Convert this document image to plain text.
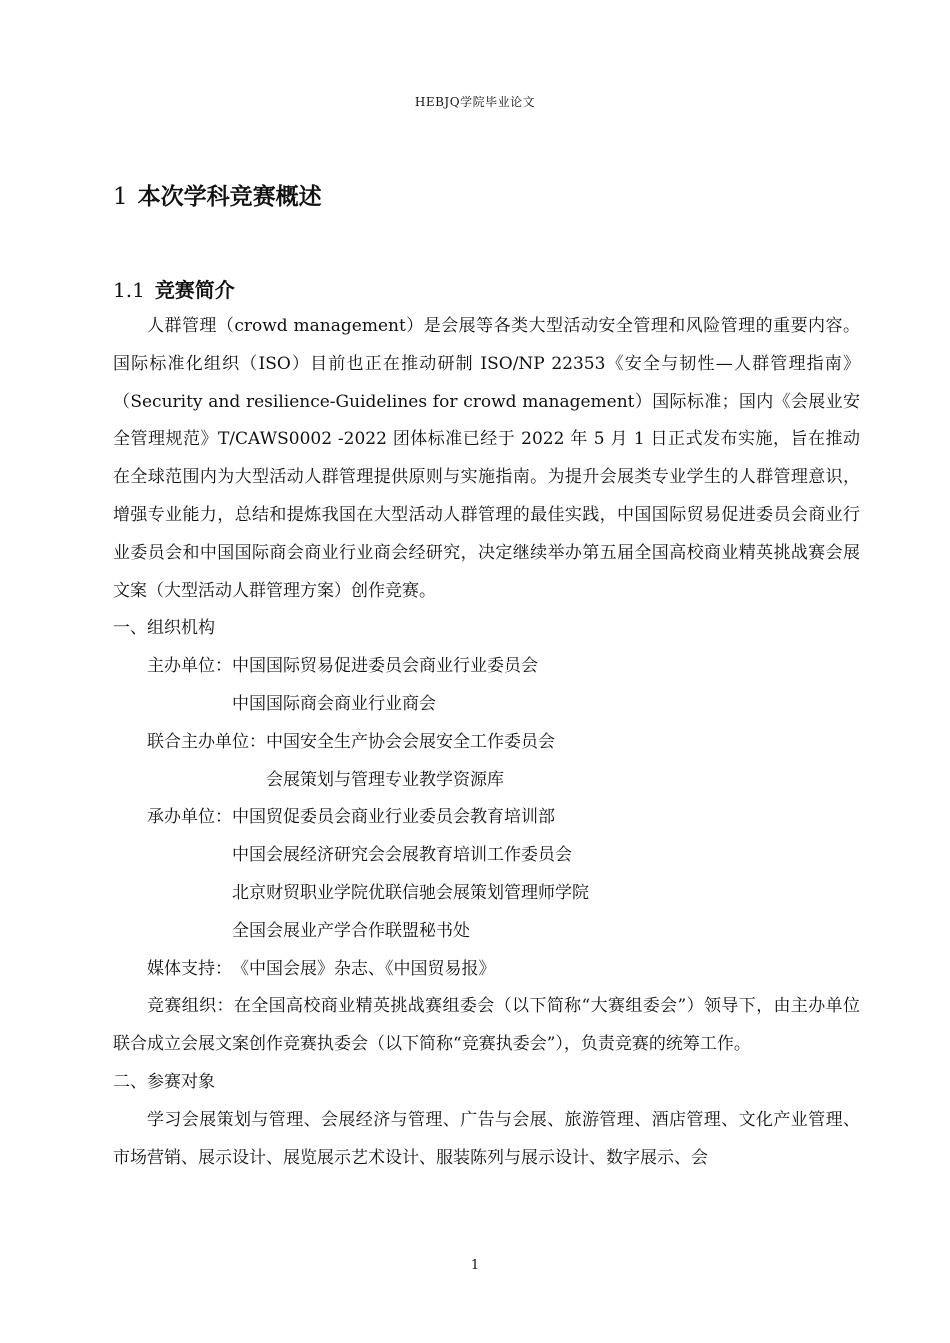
HEBJQ学院毕业论文
1 本次学科竞赛概述
1.1 竞赛简介

人群管理（crowd management）是会展等各类大型活动安全管理和风险管理的重要内容。国际标准化组织（ISO）目前也正在推动研制 ISO/NP 22353《安全与韧性—人群管理指南》（Security and resilience-Guidelines for crowd management）国际标准；国内《会展业安全管理规范》T/CAWS0002 -2022 团体标准已经于 2022 年 5 月 1 日正式发布实施，旨在推动在全球范围内为大型活动人群管理提供原则与实施指南。为提升会展类专业学生的人群管理意识，增强专业能力，总结和提炼我国在大型活动人群管理的最佳实践，中国国际贸易促进委员会商业行业委员会和中国国际商会商业行业商会经研究，决定继续举办第五届全国高校商业精英挑战赛会展文案（大型活动人群管理方案）创作竞赛。

一、组织机构
主办单位： 中国国际贸易促进委员会商业行业委员会
中国国际商会商业行业商会
联合主办单位： 中国安全生产协会会展安全工作委员会
会展策划与管理专业教学资源库
承办单位： 中国贸促委员会商业行业委员会教育培训部
中国会展经济研究会会展教育培训工作委员会
北京财贸职业学院优联信驰会展策划管理师学院
全国会展业产学合作联盟秘书处
媒体支持： 《中国会展》杂志、《中国贸易报》

竞赛组织：在全国高校商业精英挑战赛组委会（以下简称“大赛组委会”）领导下，由主办单位联合成立会展文案创作竞赛执委会（以下简称“竞赛执委会”），负责竞赛的统筹工作。

二、参赛对象

学习会展策划与管理、会展经济与管理、广告与会展、旅游管理、酒店管理、文化产业管理、市场营销、展示设计、展览展示艺术设计、服装陈列与展示设计、数字展示、会

1
